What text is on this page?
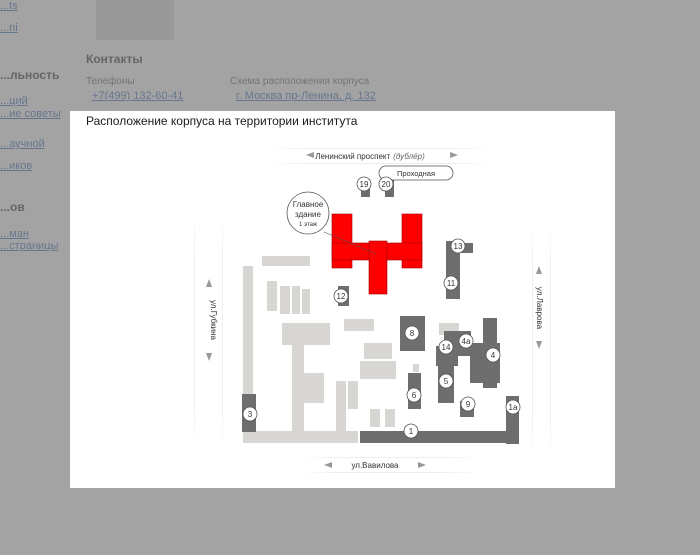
Главное
здание
1 этаж
Проходная
Ленинский проспект (дублёр)
ул.Вавилова
ул.Губкина	ул.Лаврова
19 20
13
11
12
8
4а
14
4
5
6
9	1а
3
1
Расположение корпуса на территории института
